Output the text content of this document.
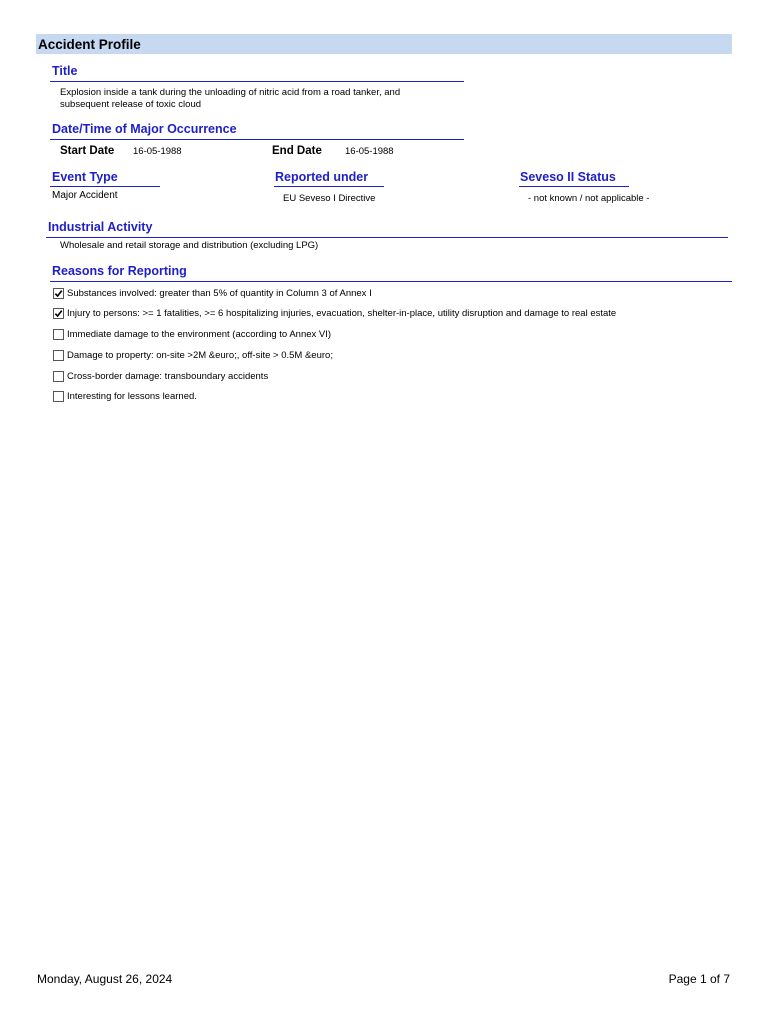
Accident Profile
Title
Explosion inside a tank during the unloading of nitric acid from a road tanker, and subsequent release of toxic cloud
Date/Time of Major Occurrence
Start Date 16-05-1988	End Date 16-05-1988
Event Type
Major Accident
Reported under
EU Seveso I Directive
Seveso II Status
- not known / not applicable -
Industrial Activity
Wholesale and retail storage and distribution (excluding LPG)
Reasons for Reporting
Substances involved: greater than 5% of quantity in Column 3 of Annex I
Injury to persons: >= 1 fatalities, >= 6 hospitalizing injuries, evacuation, shelter-in-place, utility disruption and damage to real estate
Immediate damage to the environment (according to Annex VI)
Damage to property: on-site >2M &euro;, off-site > 0.5M &euro;
Cross-border damage: transboundary accidents
Interesting for lessons learned.
Monday, August 26, 2024	Page 1 of 7
